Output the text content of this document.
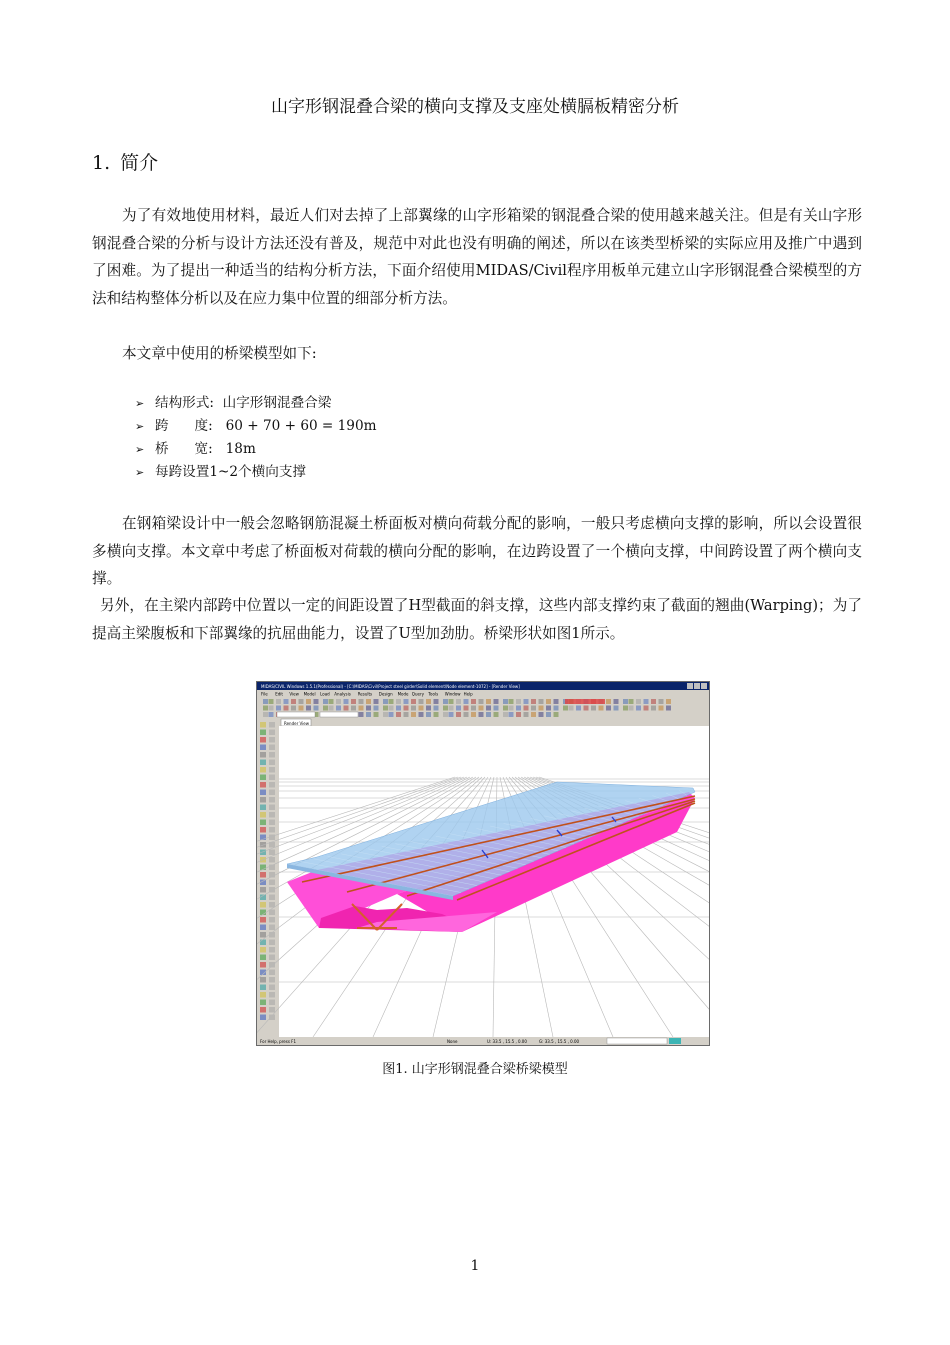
山字形钢混叠合梁的横向支撑及支座处横膈板精密分析
1. 简介

为了有效地使用材料，最近人们对去掉了上部翼缘的山字形箱梁的钢混叠合梁的使用越来越关注。但是有关山字形钢混叠合梁的分析与设计方法还没有普及，规范中对此也没有明确的阐述，所以在该类型桥梁的实际应用及推广中遇到了困难。为了提出一种适当的结构分析方法，下面介绍使用MIDAS/Civil程序用板单元建立山字形钢混叠合梁模型的方法和结构整体分析以及在应力集中位置的细部分析方法。

本文章中使用的桥梁模型如下:

➢ 结构形式:  山字形钢混叠合梁
➢ 跨      度:   60 + 70 + 60 = 190m
➢ 桥      宽:   18m
➢ 每跨设置1~2个横向支撑

在钢箱梁设计中一般会忽略钢筋混凝土桥面板对横向荷载分配的影响，一般只考虑横向支撑的影响，所以会设置很多横向支撑。本文章中考虑了桥面板对荷载的横向分配的影响，在边跨设置了一个横向支撑，中间跨设置了两个横向支撑。

另外，在主梁内部跨中位置以一定的间距设置了H型截面的斜支撑，这些内部支撑约束了截面的翘曲(Warping)；为了提高主梁腹板和下部翼缘的抗屈曲能力，设置了U型加劲肋。桥梁形状如图1所示。

MIDAS/CIVIL Windows 1.5.1(Professional) - [C:\MIDAS\Civil\Project steel girder\Solid element\Node element-1072] - [Render View]
File Edit View Model Load Analysis Results Design Mode Query Tools Window Help
Render View
For Help, press F1	None	U: 33.5 , 15.5 , 0.00	G: 33.5 , 15.5 , 0.00
图1. 山字形钢混叠合梁桥梁模型
1
